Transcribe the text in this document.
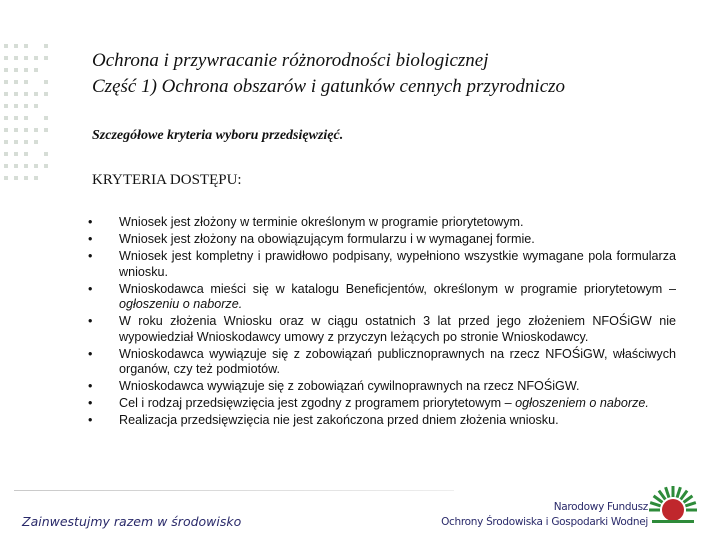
Ochrona i przywracanie różnorodności biologicznej
Część 1) Ochrona obszarów i gatunków cennych przyrodniczo
Szczegółowe kryteria wyboru przedsięwzięć.
KRYTERIA DOSTĘPU:
• Wniosek jest złożony w terminie określonym w programie priorytetowym.
• Wniosek jest złożony na obowiązującym formularzu i w wymaganej formie.
• Wniosek jest kompletny i prawidłowo podpisany, wypełniono wszystkie wymagane pola formularza wniosku.
• Wnioskodawca mieści się w katalogu Beneficjentów, określonym w programie priorytetowym – ogłoszeniu o naborze.
• W roku złożenia Wniosku oraz w ciągu ostatnich 3 lat przed jego złożeniem NFOŚiGW nie wypowiedział Wnioskodawcy umowy z przyczyn leżących po stronie Wnioskodawcy.
• Wnioskodawca wywiązuje się z zobowiązań publicznoprawnych na rzecz NFOŚiGW, właściwych organów, czy też podmiotów.
• Wnioskodawca wywiązuje się z zobowiązań cywilnoprawnych na rzecz NFOŚiGW.
• Cel i rodzaj przedsięwzięcia jest zgodny z programem priorytetowym – ogłoszeniem o naborze.
• Realizacja przedsięwzięcia nie jest zakończona przed dniem złożenia wniosku.
Zainwestujmy razem w środowisko
Narodowy Fundusz
Ochrony Środowiska i Gospodarki Wodnej
